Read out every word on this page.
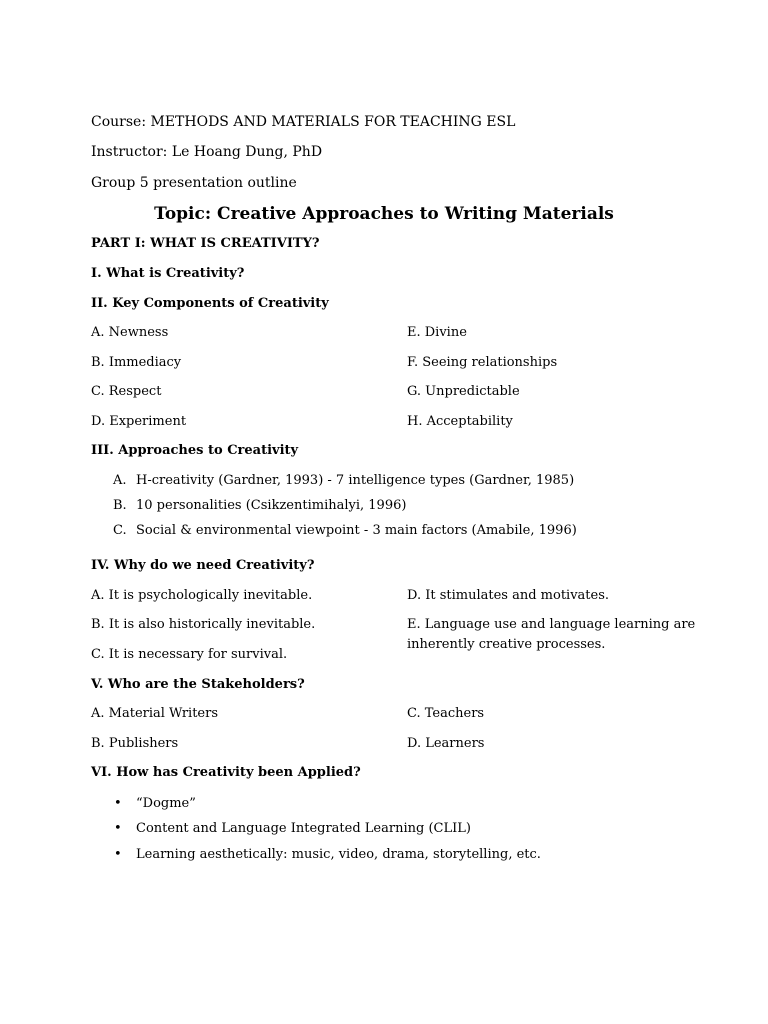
Course: METHODS AND MATERIALS FOR TEACHING ESL
Instructor: Le Hoang Dung, PhD
Group 5 presentation outline
Topic: Creative Approaches to Writing Materials
PART I: WHAT IS CREATIVITY?
I. What is Creativity?
II. Key Components of Creativity
A. Newness
B. Immediacy
C. Respect
D. Experiment
E. Divine
F. Seeing relationships
G. Unpredictable
H. Acceptability
III. Approaches to Creativity
A. H-creativity (Gardner, 1993) - 7 intelligence types (Gardner, 1985)
B. 10 personalities (Csikzentimihalyi, 1996)
C. Social & environmental viewpoint - 3 main factors (Amabile, 1996)
IV. Why do we need Creativity?
A. It is psychologically inevitable.
B. It is also historically inevitable.
C. It is necessary for survival.
D. It stimulates and motivates.
E. Language use and language learning are
inherently creative processes.
V. Who are the Stakeholders?
A. Material Writers
B. Publishers
C. Teachers
D. Learners
VI. How has Creativity been Applied?
• “Dogme”
• Content and Language Integrated Learning (CLIL)
• Learning aesthetically: music, video, drama, storytelling, etc.
